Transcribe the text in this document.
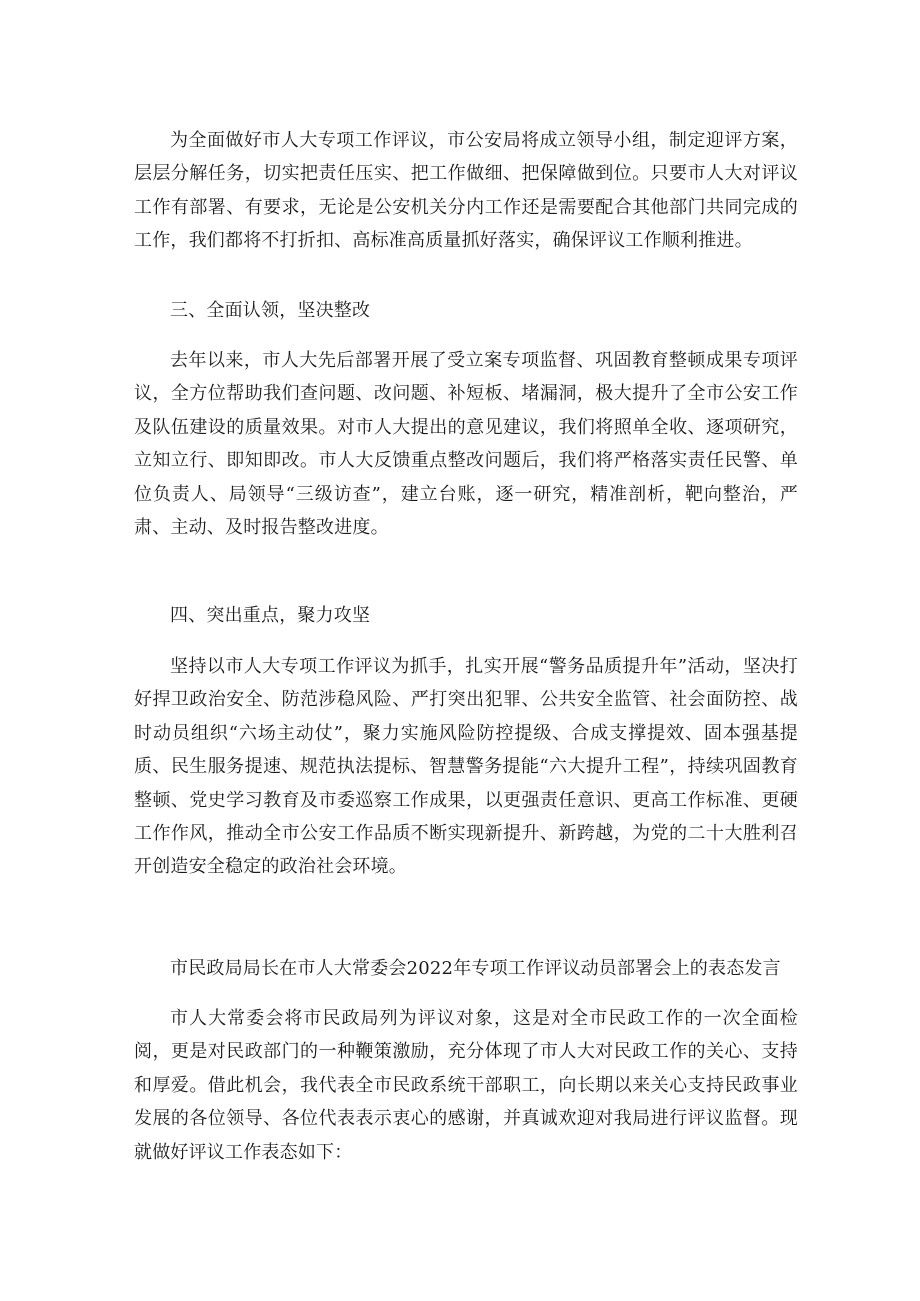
为全面做好市人大专项工作评议，市公安局将成立领导小组，制定迎评方案，层层分解任务，切实把责任压实、把工作做细、把保障做到位。只要市人大对评议工作有部署、有要求，无论是公安机关分内工作还是需要配合其他部门共同完成的工作，我们都将不打折扣、高标准高质量抓好落实，确保评议工作顺利推进。

三、全面认领，坚决整改

去年以来，市人大先后部署开展了受立案专项监督、巩固教育整顿成果专项评议，全方位帮助我们查问题、改问题、补短板、堵漏洞，极大提升了全市公安工作及队伍建设的质量效果。对市人大提出的意见建议，我们将照单全收、逐项研究，立知立行、即知即改。市人大反馈重点整改问题后，我们将严格落实责任民警、单位负责人、局领导“三级访查”，建立台账，逐一研究，精准剖析，靶向整治，严肃、主动、及时报告整改进度。

四、突出重点，聚力攻坚

坚持以市人大专项工作评议为抓手，扎实开展“警务品质提升年”活动，坚决打好捍卫政治安全、防范涉稳风险、严打突出犯罪、公共安全监管、社会面防控、战时动员组织“六场主动仗”，聚力实施风险防控提级、合成支撑提效、固本强基提质、民生服务提速、规范执法提标、智慧警务提能“六大提升工程”，持续巩固教育整顿、党史学习教育及市委巡察工作成果，以更强责任意识、更高工作标准、更硬工作作风，推动全市公安工作品质不断实现新提升、新跨越，为党的二十大胜利召开创造安全稳定的政治社会环境。

市民政局局长在市人大常委会2022年专项工作评议动员部署会上的表态发言

市人大常委会将市民政局列为评议对象，这是对全市民政工作的一次全面检阅，更是对民政部门的一种鞭策激励，充分体现了市人大对民政工作的关心、支持和厚爱。借此机会，我代表全市民政系统干部职工，向长期以来关心支持民政事业发展的各位领导、各位代表表示衷心的感谢，并真诚欢迎对我局进行评议监督。现就做好评议工作表态如下：
